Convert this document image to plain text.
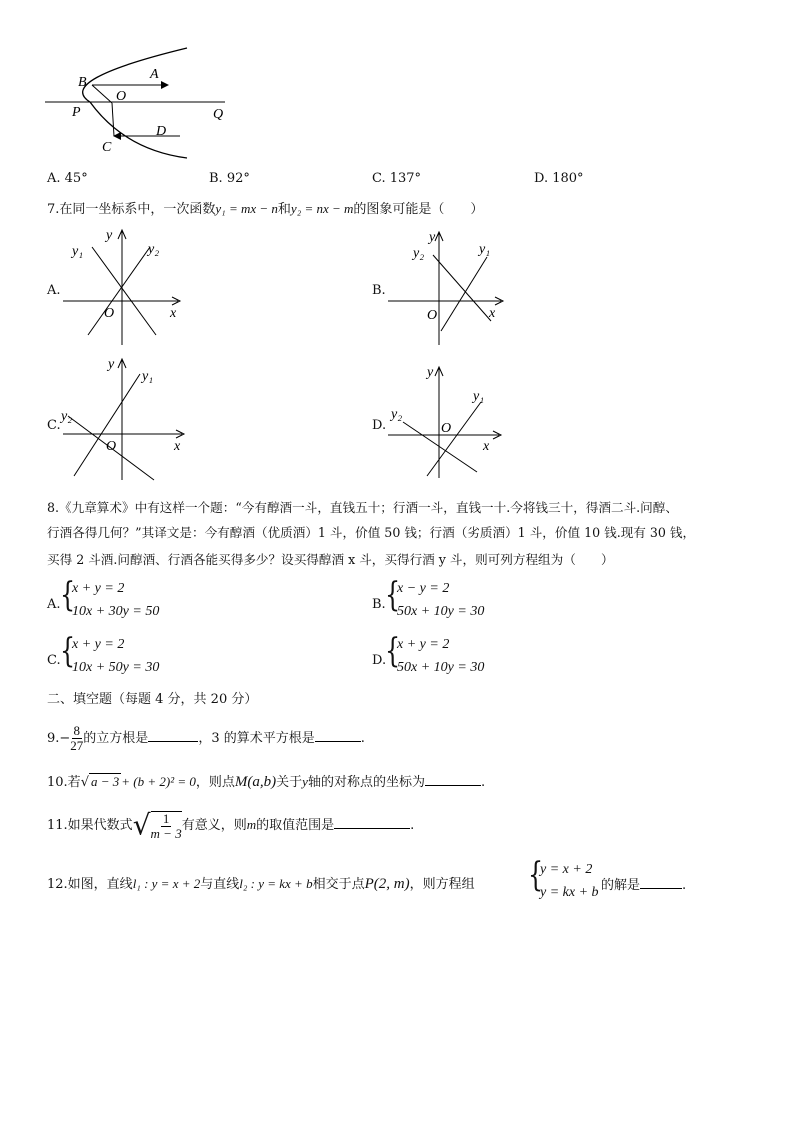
B
A
O
P	Q
D
C
A. 45°	B. 92°	C. 137°	D. 180°
7.在同一坐标系中，一次函数y₁ = mx − n和y₂ = nx − m的图象可能是（　　）
A.
y₁	y₂
y
x
O
B.
y₂	y₁
y
x
O
C.
y₁
y₂
y
x
O
D.
y₁
y₂
y
x
O
8.《九章算术》中有这样一个题：“今有醇酒一斗，直钱五十；行酒一斗，直钱一十.今将钱三十，得酒二斗.问醇、
行酒各得几何？”其译文是：今有醇酒（优质酒）1 斗，价值 50 钱；行酒（劣质酒）1 斗，价值 10 钱.现有 30 钱，
买得 2 斗酒.问醇酒、行酒各能买得多少？设买得醇酒 x 斗，买得行酒 y 斗，则可列方程组为（　　）
A. {
x + y = 2
10x + 30y = 50	B. {
x − y = 2
50x + 10y = 30
C. {
x + y = 2
10x + 50y = 30	D.
{
x + y = 2
50x + 10y = 30
二、填空题（每题 4 分，共 20 分）
$9.- \frac{8}{27}$ 的立方根是	，3 的算术平方根是	.
10.若√ a − 3 + (b + 2)² = 0，则点M(a,b)关于y轴的对称点的坐标为	.
11.如果代数式√ $\frac{1}{m - 3}$ 有意义，则m的取值范围是	.
12.如图，直线l₁ : y = x + 2与直线l₂ : y = kx + b相交于点P(2, m)，则方程组 {
y = x + 2
y = kx + b 的解是	.
